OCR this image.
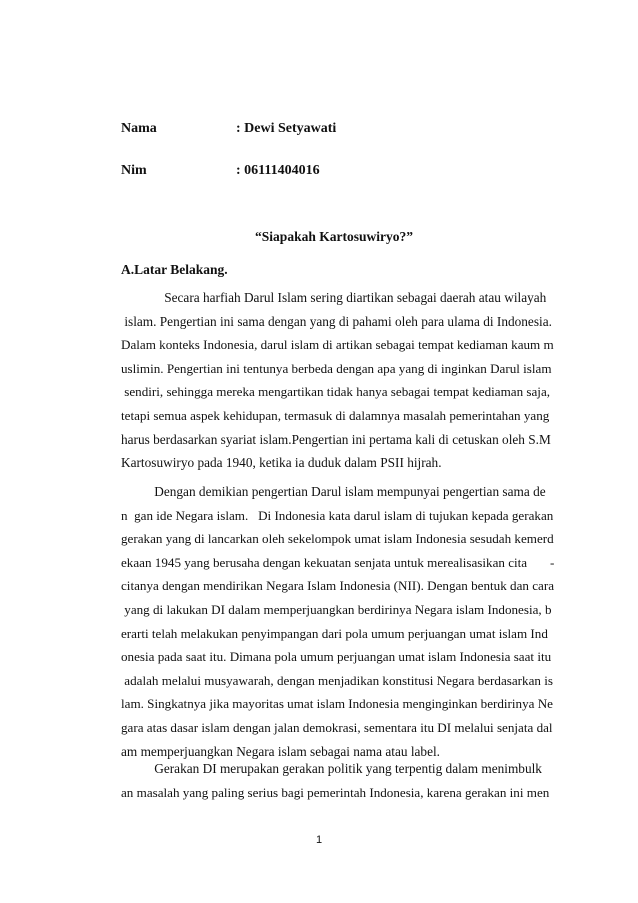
Nama	: Dewi Setyawati
Nim	: 06111404016
“Siapakah Kartosuwiryo?”
A.Latar Belakang.

Secara harfiah Darul Islam sering diartikan sebagai daerah atau wilayah
islam. Pengertian ini sama dengan yang di pahami oleh para ulama di Indonesia.
Dalam konteks Indonesia, darul islam di artikan sebagai tempat kediaman kaum m
uslimin. Pengertian ini tentunya berbeda dengan apa yang di inginkan Darul islam
sendiri, sehingga mereka mengartikan tidak hanya sebagai tempat kediaman saja,
tetapi semua aspek kehidupan, termasuk di dalamnya masalah pemerintahan yang
harus berdasarkan syariat islam.Pengertian ini pertama kali di cetuskan oleh S.M
Kartosuwiryo pada 1940, ketika ia duduk dalam PSII hijrah.

Dengan demikian pengertian Darul islam mempunyai pengertian sama de
n  gan ide Negara islam.   Di Indonesia kata darul islam di tujukan kepada gerakan
gerakan yang di lancarkan oleh sekelompok umat islam Indonesia sesudah kemerd
ekaan 1945 yang berusaha dengan kekuatan senjata untuk merealisasikan cita       -
citanya dengan mendirikan Negara Islam Indonesia (NII). Dengan bentuk dan cara
yang di lakukan DI dalam memperjuangkan berdirinya Negara islam Indonesia, b
erarti telah melakukan penyimpangan dari pola umum perjuangan umat islam Ind
onesia pada saat itu. Dimana pola umum perjuangan umat islam Indonesia saat itu
adalah melalui musyawarah, dengan menjadikan konstitusi Negara berdasarkan is
lam. Singkatnya jika mayoritas umat islam Indonesia menginginkan berdirinya Ne
gara atas dasar islam dengan jalan demokrasi, sementara itu DI melalui senjata dal
am memperjuangkan Negara islam sebagai nama atau label.

Gerakan DI merupakan gerakan politik yang terpentig dalam menimbulk
an masalah yang paling serius bagi pemerintah Indonesia, karena gerakan ini men

1
